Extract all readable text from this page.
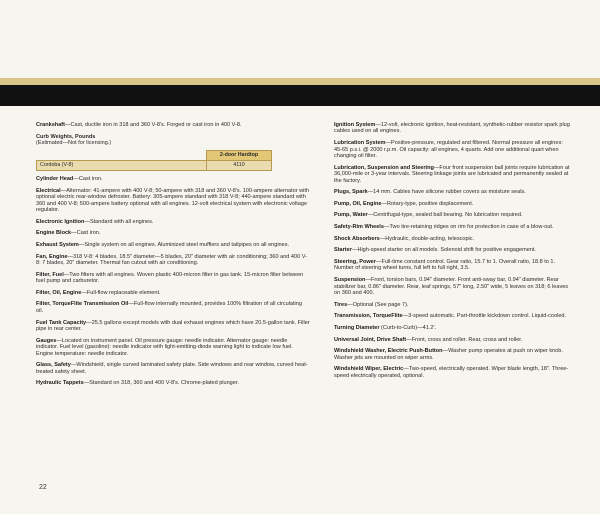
Crankshaft—Cast, ductile iron in 318 and 360 V-8's. Forged or cast iron in 400 V-8.

Curb Weights, Pounds
(Estimated—Not for licensing.)
	2-door Hardtop
Cordoba (V-8)	4110

Cylinder Head—Cast iron.

Electrical—Alternator: 41-ampere with 400 V-8; 50-ampere with 318 and 360 V-8's. 100-ampere alternator with optional electric rear-window defroster. Battery: 305-ampere standard with 318 V-8; 440-ampere standard with 360 and 400 V-8; 500-ampere battery optional with all engines. 12-volt electrical system with electronic voltage regulator.

Electronic Ignition—Standard with all engines.

Engine Block—Cast iron.

Exhaust System—Single system on all engines. Aluminized steel mufflers and tailpipes on all engines.

Fan, Engine—318 V-8: 4 blades, 18.5" diameter—5 blades, 20" diameter with air conditioning; 360 and 400 V-8: 7 blades, 20" diameter. Thermal fan cutout with air conditioning.

Filter, Fuel—Two filters with all engines. Woven plastic 400-micron filter in gas tank. 15-micron filter between fuel pump and carburetor.

Filter, Oil, Engine—Full-flow replaceable element.

Filter, TorqueFlite Transmission Oil—Full-flow internally mounted, provides 100% filtration of all circulating oil.

Fuel Tank Capacity—25.5 gallons except models with dual exhaust engines which have 20.5-gallon tank. Filler pipe in rear center.

Gauges—Located on instrument panel. Oil pressure gauge: needle indicator. Alternator gauge: needle indicator. Fuel level (gasoline): needle indicator with light-emitting-diode warning light to indicate low fuel. Engine temperature: needle indicator.

Glass, Safety—Windshield, single curved laminated safety plate. Side windows and rear window, curved heat-treated safety sheet.

Hydraulic Tappets—Standard on 318, 360 and 400 V-8's. Chrome-plated plunger.

Ignition System—12-volt, electronic ignition, heat-resistant, synthetic-rubber resistor spark plug cables used on all engines.

Lubrication System—Positive-pressure, regulated and filtered. Normal pressure all engines: 45-65 p.s.i. @ 2000 r.p.m. Oil capacity: all engines, 4 quarts. Add one additional quart when changing oil filter.

Lubrication, Suspension and Steering—Four front suspension ball joints require lubrication at 36,000-mile or 3-year intervals. Steering linkage joints are lubricated and permanently sealed at the factory.

Plugs, Spark—14 mm. Cables have silicone rubber covers as moisture seals.

Pump, Oil, Engine—Rotary-type, positive displacement.

Pump, Water—Centrifugal-type, sealed ball bearing. No lubrication required.

Safety-Rim Wheels—Two tire-retaining ridges on rim for protection in case of a blow-out.

Shock Absorbers—Hydraulic, double-acting, telescopic.

Starter—High-speed starter on all models. Solenoid shift for positive engagement.

Steering, Power—Full-time constant control. Gear ratio, 15.7 to 1. Overall ratio, 18.8 to 1. Number of steering wheel turns, full left to full right, 3.5.

Suspension—Front, torsion bars, 0.94" diameter. Front anti-sway bar, 0.94" diameter. Rear stabilizer bar, 0.86" diameter. Rear, leaf springs, 57" long, 2.50" wide, 5 leaves on 318; 6 leaves on 360 and 400.

Tires—Optional (See page 7).

Transmission, TorqueFlite—3-speed automatic. Part-throttle kickdown control. Liquid-cooled.

Turning Diameter (Curb-to-Curb)—41.2'.

Universal Joint, Drive Shaft—Front, cross and roller. Rear, cross and roller.

Windshield Washer, Electric Push-Button—Washer pump operates at push on wiper knob. Washer jets are mounted on wiper arms.

Windshield Wiper, Electric—Two-speed, electrically operated. Wiper blade length, 18". Three-speed electrically operated, optional.

22
